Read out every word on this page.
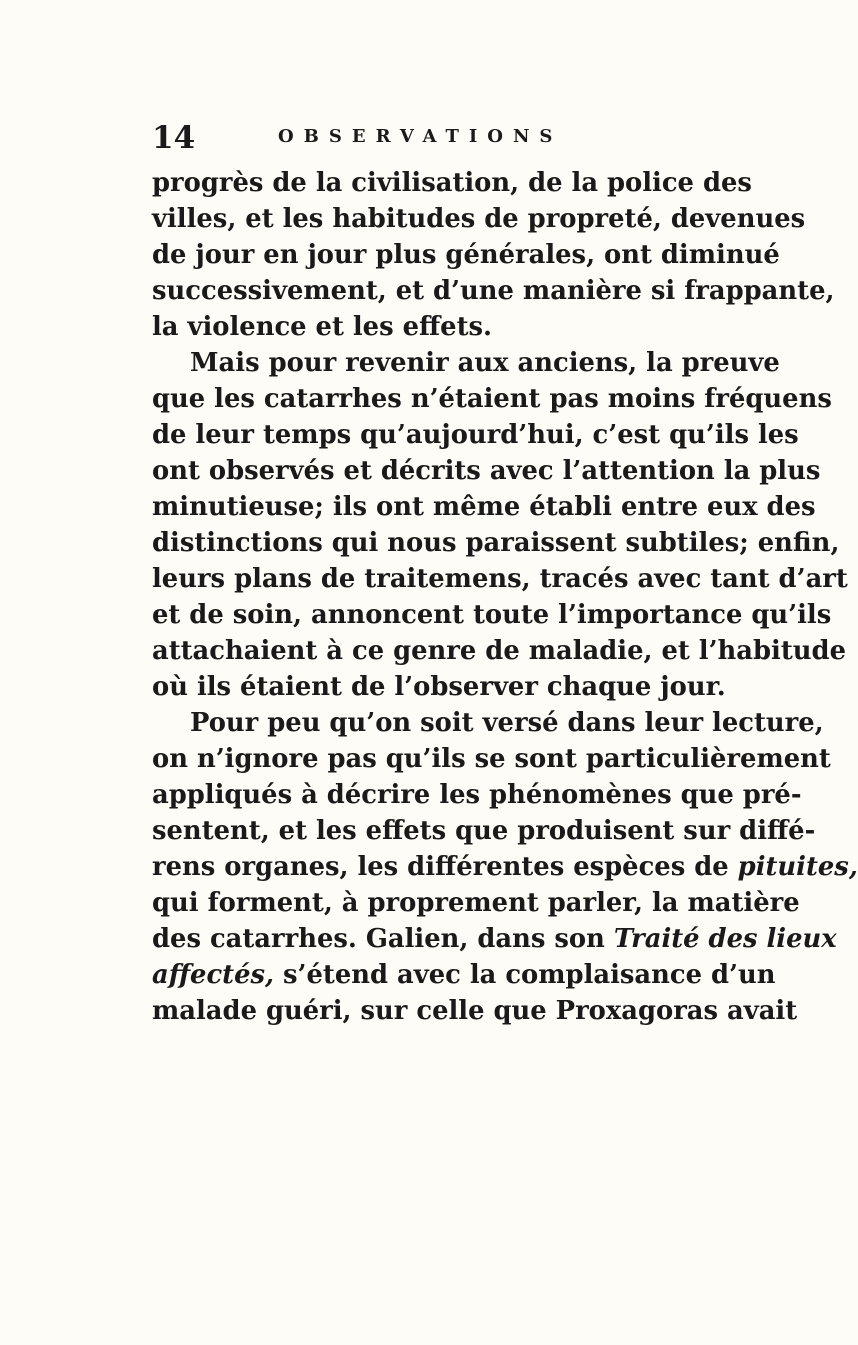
14	OBSERVATIONS
progrès de la civilisation, de la police des
villes, et les habitudes de propreté, devenues
de jour en jour plus générales, ont diminué
successivement, et d’une manière si frappante,
la violence et les effets.
Mais pour revenir aux anciens, la preuve
que les catarrhes n’étaient pas moins fréquens
de leur temps qu’aujourd’hui, c’est qu’ils les
ont observés et décrits avec l’attention la plus
minutieuse; ils ont même établi entre eux des
distinctions qui nous paraissent subtiles; enfin,
leurs plans de traitemens, tracés avec tant d’art
et de soin, annoncent toute l’importance qu’ils
attachaient à ce genre de maladie, et l’habitude
où ils étaient de l’observer chaque jour.
Pour peu qu’on soit versé dans leur lecture,
on n’ignore pas qu’ils se sont particulièrement
appliqués à décrire les phénomènes que pré-
sentent, et les effets que produisent sur diffé-
rens organes, les différentes espèces de pituites,
qui forment, à proprement parler, la matière
des catarrhes. Galien, dans son Traité des lieux
affectés, s’étend avec la complaisance d’un
malade guéri, sur celle que Proxagoras avait
